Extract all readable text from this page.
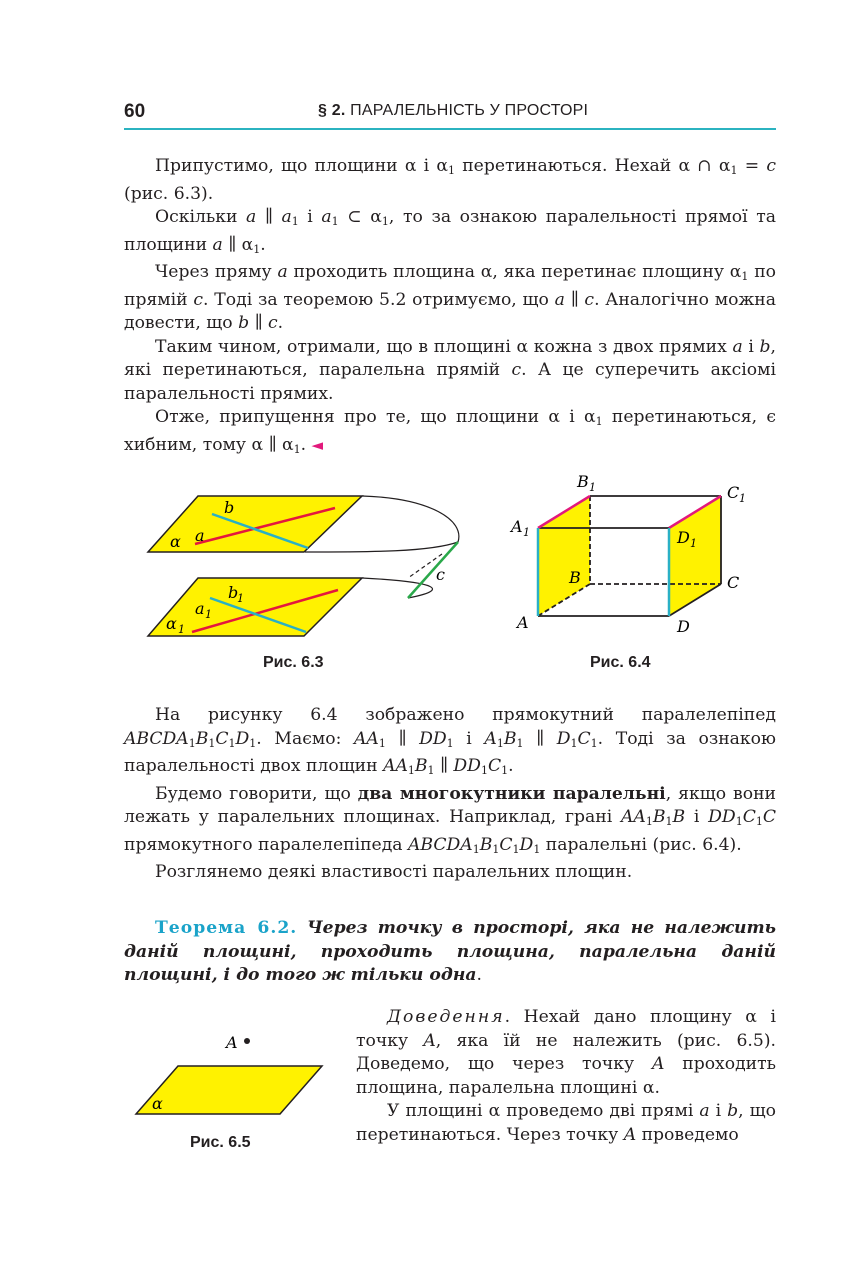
60	§ 2. ПАРАЛЕЛЬНІСТЬ У ПРОСТОРІ

Припустимо, що площини α і $\alpha_1$ перетинаються. Нехай α ∩ $\alpha_1 = c$ (рис. 6.3).

Оскільки a ∥ $a_1$ і $a_1$ ⊂ $\alpha_1$, то за ознакою паралельності прямої та площини a ∥ $\alpha_1$.

Через пряму a проходить площина α, яка перетинає площину $\alpha_1$ по прямій c. Тоді за теоремою 5.2 отримуємо, що a ∥ c. Аналогічно можна довести, що b ∥ c.

Таким чином, отримали, що в площині α кожна з двох прямих a і b, які перетинаються, паралельна прямій c. А це суперечить аксіомі паралельності прямих.

Отже, припущення про те, що площини α і $\alpha_1$ перетинаються, є хибним, тому α ∥ $\alpha_1$. ◄

α a
b
α 1
a 1
b
1
c
Рис. 6.3
B 1	C 1
A 1	D 1
B	C
A	D
Рис. 6.4

На рисунку 6.4 зображено прямокутний паралелепіпед $ABCDA_1B_1C_1D_1$. Маємо: $AA_1$ ∥ $DD_1$ і $A_1B_1$ ∥ $D_1C_1$. Тоді за ознакою паралельності двох площин $AA_1B_1$ ∥ $DD_1C_1$.

Будемо говорити, що два многокутники паралельні, якщо вони лежать у паралельних площинах. Наприклад, грані $AA_1B_1B$ і $DD_1C_1C$ прямокутного паралелепіпеда $ABCDA_1B_1C_1D_1$ паралельні (рис. 6.4).

Розглянемо деякі властивості паралельних площин.

Теорема 6.2. Через точку в просторі, яка не належить даній площині, проходить площина, паралельна даній площині, і до того ж тільки одна.

A
α
Рис. 6.5

Доведення. Нехай дано площину α і точку A, яка їй не належить (рис. 6.5). Доведемо, що через точку A проходить площина, паралельна площині α.

У площині α проведемо дві прямі a і b, що перетинаються. Через точку A проведемо
